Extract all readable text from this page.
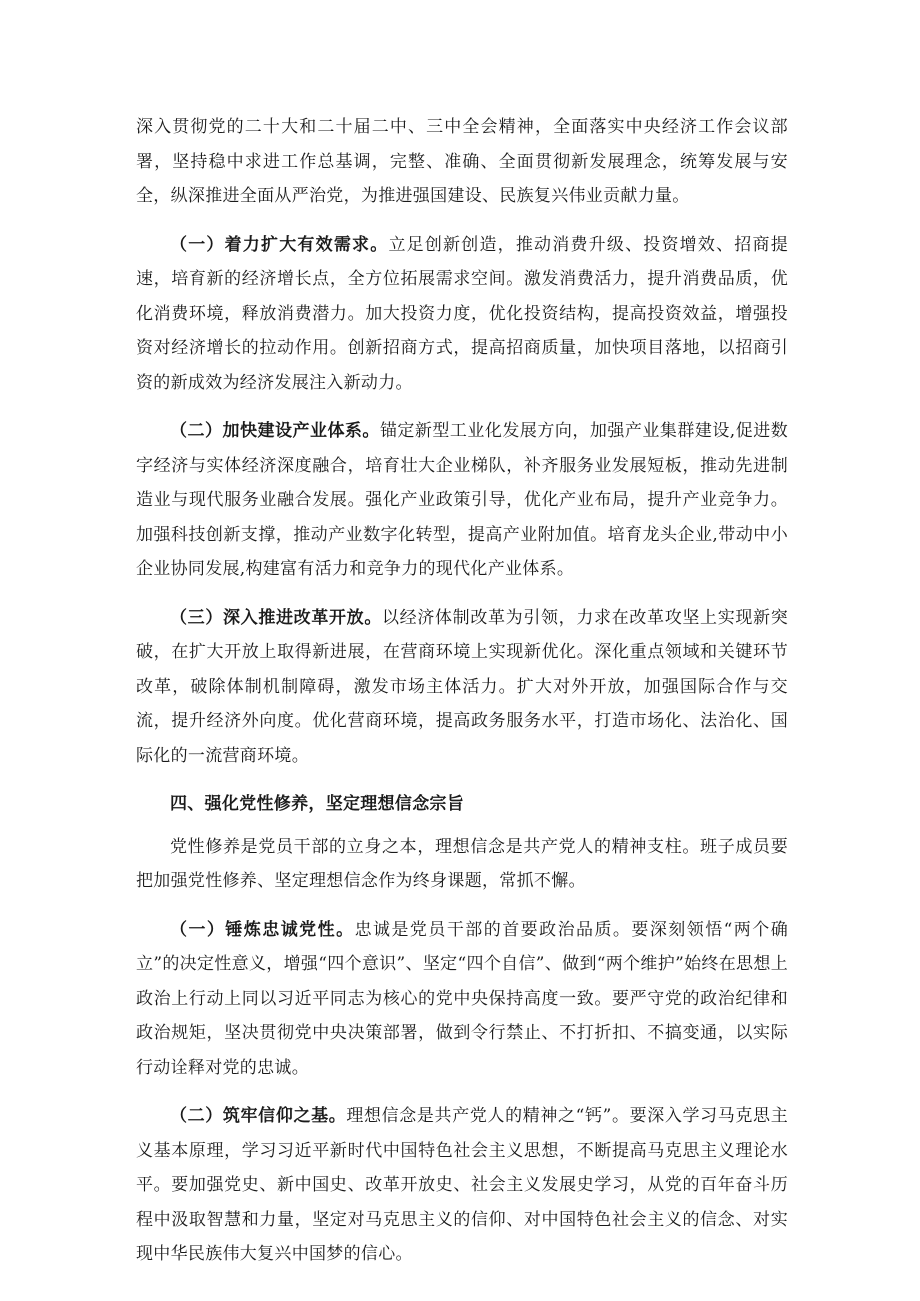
深入贯彻党的二十大和二十届二中、三中全会精神，全面落实中央经济工作会议部署，坚持稳中求进工作总基调，完整、准确、全面贯彻新发展理念，统筹发展与安全，纵深推进全面从严治党，为推进强国建设、民族复兴伟业贡献力量。

（一）着力扩大有效需求。立足创新创造，推动消费升级、投资增效、招商提速，培育新的经济增长点，全方位拓展需求空间。激发消费活力，提升消费品质，优化消费环境，释放消费潜力。加大投资力度，优化投资结构，提高投资效益，增强投资对经济增长的拉动作用。创新招商方式，提高招商质量，加快项目落地，以招商引资的新成效为经济发展注入新动力。

（二）加快建设产业体系。锚定新型工业化发展方向，加强产业集群建设,促进数字经济与实体经济深度融合，培育壮大企业梯队，补齐服务业发展短板，推动先进制造业与现代服务业融合发展。强化产业政策引导，优化产业布局，提升产业竞争力。加强科技创新支撑，推动产业数字化转型，提高产业附加值。培育龙头企业,带动中小企业协同发展,构建富有活力和竞争力的现代化产业体系。

（三）深入推进改革开放。以经济体制改革为引领，力求在改革攻坚上实现新突破，在扩大开放上取得新进展，在营商环境上实现新优化。深化重点领域和关键环节改革，破除体制机制障碍，激发市场主体活力。扩大对外开放，加强国际合作与交流，提升经济外向度。优化营商环境，提高政务服务水平，打造市场化、法治化、国际化的一流营商环境。

四、强化党性修养，坚定理想信念宗旨

党性修养是党员干部的立身之本，理想信念是共产党人的精神支柱。班子成员要把加强党性修养、坚定理想信念作为终身课题，常抓不懈。

（一）锤炼忠诚党性。忠诚是党员干部的首要政治品质。要深刻领悟“两个确立”的决定性意义，增强“四个意识”、坚定“四个自信”、做到“两个维护”始终在思想上政治上行动上同以习近平同志为核心的党中央保持高度一致。要严守党的政治纪律和政治规矩，坚决贯彻党中央决策部署，做到令行禁止、不打折扣、不搞变通，以实际行动诠释对党的忠诚。

（二）筑牢信仰之基。理想信念是共产党人的精神之“钙”。要深入学习马克思主义基本原理，学习习近平新时代中国特色社会主义思想，不断提高马克思主义理论水平。要加强党史、新中国史、改革开放史、社会主义发展史学习，从党的百年奋斗历程中汲取智慧和力量，坚定对马克思主义的信仰、对中国特色社会主义的信念、对实现中华民族伟大复兴中国梦的信心。
